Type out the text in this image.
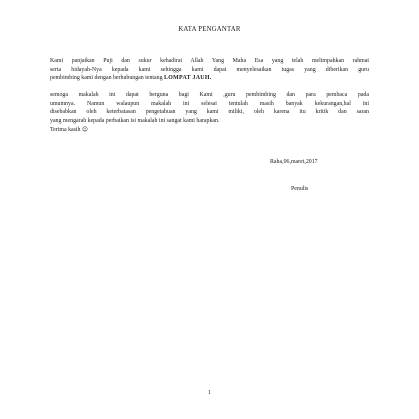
KATA PENGANTAR
Kami panjatkan Puji dan sukur kehadirat Allah Yang Maha Esa yang telah melimpahkan rahmat
serta hidayah-Nya kepada kami sehingga kami dapat menyelesaikan tugas yang diberikan guru
pembimbing kami dengan berhubungan tentang LOMPAT JAUH.
semoga makalah ini dapat berguna bagi Kami ,guru pembimbing dan para pembaca pada
umumnya. Namun walaupun makalah ini selesai tentulah masih banyak kekurangan,hal ini
disebabkan oleh keterbatasan pengetahuan yang kami miliki, oleh karena itu kritik dan saran
yang mengarah kepada perbaikan isi makalah ini sangat kami harapkan.
Terima kasih ☺
Raha,06,maret,2017
Penulis
1
